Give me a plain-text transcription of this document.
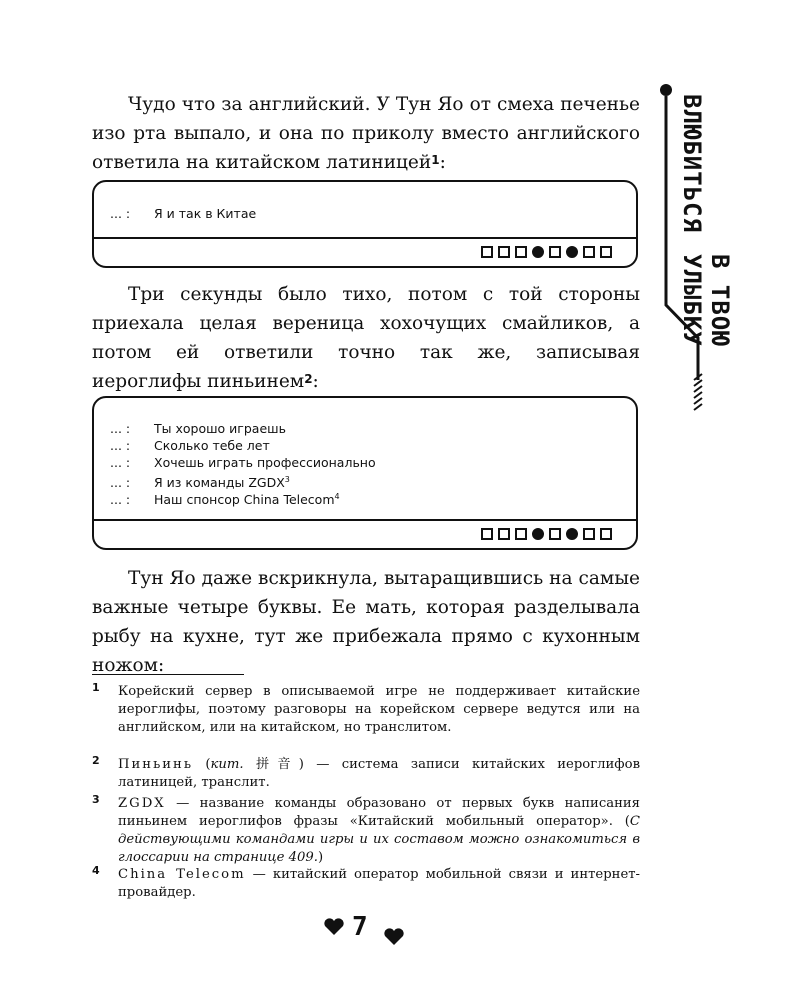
Чудо что за английский. У Тун Яо от смеха печенье изо рта выпало, и она по приколу вместо английского ответила на китайском латиницей$^1$:

... : Я и так в Китае

Три секунды было тихо, потом с той стороны приехала целая вереница хохочущих смайликов, а потом ей ответили точно так же, записывая иероглифы пиньинем$^2$:

... : Ты хорошо играешь
... : Сколько тебе лет
... : Хочешь играть профессионально
... : Я из команды ZGDX$^3$
... : Наш спонсор China Telecom$^4$

Тун Яо даже вскрикнула, вытаращившись на самые важные четыре буквы. Ее мать, которая разделывала рыбу на кухне, тут же прибежала прямо с кухонным ножом:

1 Корейский сервер в описываемой игре не поддерживает китайские иероглифы, поэтому разговоры на корейском сервере ведутся или на английском, или на китайском, но транслитом.
2 Пиньинь (кит. 拼音) — система записи китайских иероглифов латиницей, транслит.
3 ZGDX — название команды образовано от первых букв написания пиньинем иероглифов фразы «Китайский мобильный оператор». (С действующими командами игры и их составом можно ознакомиться в глоссарии на странице 409.)
4 China Telecom — китайский оператор мобильной связи и интернет-провайдер.
ВЛЮБИТЬСЯ
В ТВОЮ УЛЫБКУ
7
